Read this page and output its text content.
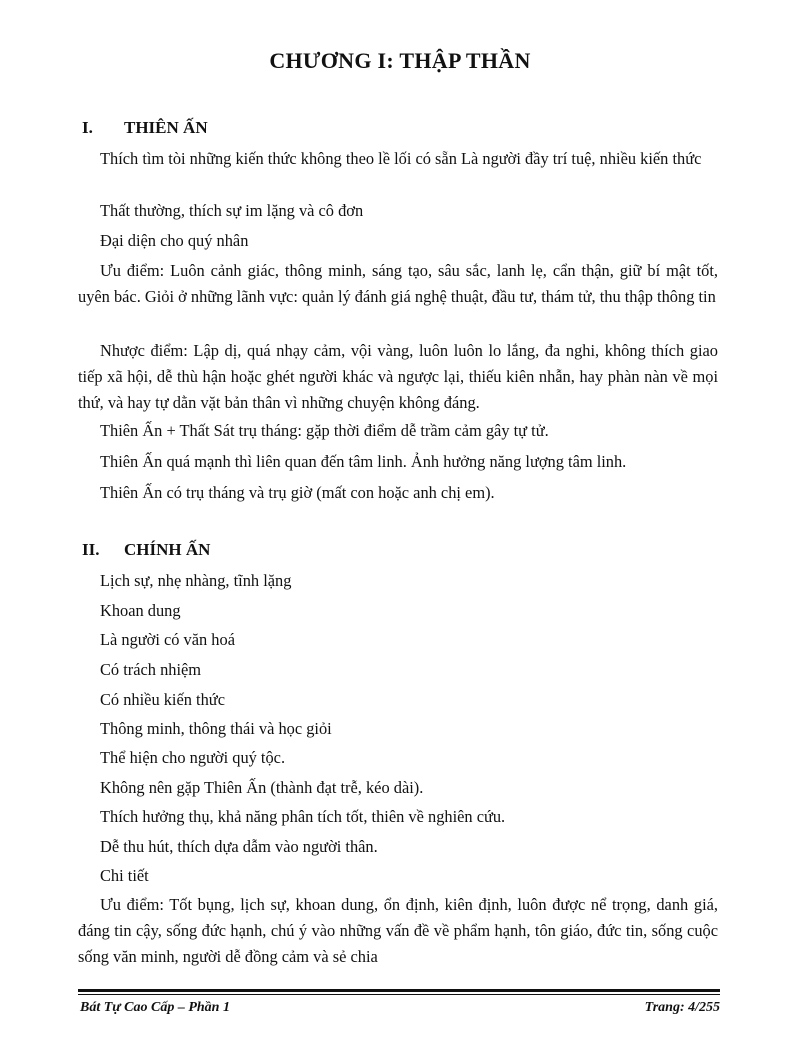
CHƯƠNG I: THẬP THẦN
I. THIÊN ẤN
Thích tìm tòi những kiến thức không theo lề lối có sẵn Là người đầy trí tuệ, nhiều kiến thức
Thất thường, thích sự im lặng và cô đơn
Đại diện cho quý nhân
Ưu điểm: Luôn cảnh giác, thông minh, sáng tạo, sâu sắc, lanh lẹ, cẩn thận, giữ bí mật tốt, uyên bác. Giỏi ở những lãnh vực: quản lý đánh giá nghệ thuật, đầu tư, thám tử, thu thập thông tin
Nhược điểm: Lập dị, quá nhạy cảm, vội vàng, luôn luôn lo lắng, đa nghi, không thích giao tiếp xã hội, dễ thù hận hoặc ghét người khác và ngược lại, thiếu kiên nhẫn, hay phàn nàn về mọi thứ, và hay tự dằn vặt bản thân vì những chuyện không đáng.
Thiên Ấn + Thất Sát trụ tháng: gặp thời điểm dễ trầm cảm gây tự tử.
Thiên Ấn quá mạnh thì liên quan đến tâm linh. Ảnh hưởng năng lượng tâm linh.
Thiên Ấn có trụ tháng và trụ giờ (mất con hoặc anh chị em).
II. CHÍNH ẤN
Lịch sự, nhẹ nhàng, tĩnh lặng
Khoan dung
Là người có văn hoá
Có trách nhiệm
Có nhiều kiến thức
Thông minh, thông thái và học giỏi
Thể hiện cho người quý tộc.
Không nên gặp Thiên Ấn (thành đạt trễ, kéo dài).
Thích hưởng thụ, khả năng phân tích tốt, thiên về nghiên cứu.
Dễ thu hút, thích dựa dẫm vào người thân.
Chi tiết
Ưu điểm: Tốt bụng, lịch sự, khoan dung, ổn định, kiên định, luôn được nể trọng, danh giá, đáng tin cậy, sống đức hạnh, chú ý vào những vấn đề về phẩm hạnh, tôn giáo, đức tin, sống cuộc sống văn minh, người dễ đồng cảm và sẻ chia
Bát Tự Cao Cấp – Phần 1	Trang: 4/255
